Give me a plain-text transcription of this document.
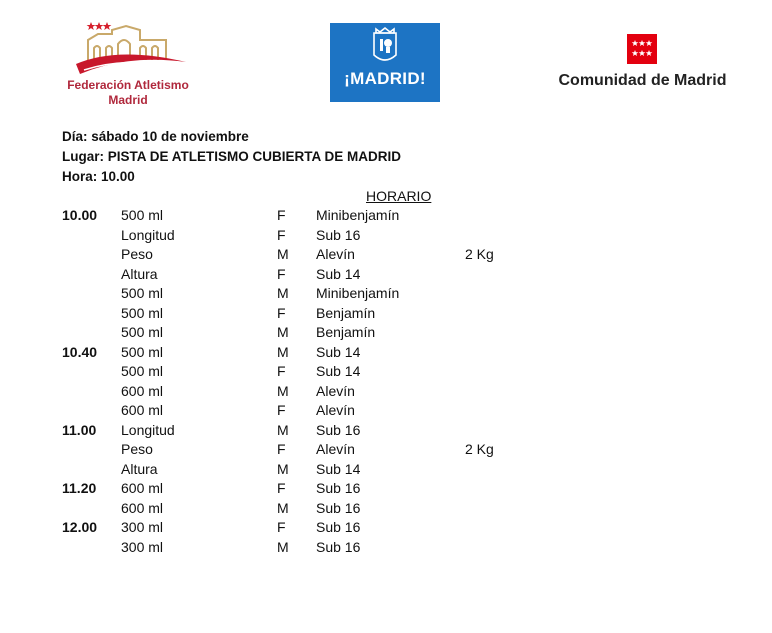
Federación Atletismo
Madrid
¡MADRID!	Comunidad de Madrid
Día: sábado 10 de noviembre
Lugar: PISTA DE ATLETISMO CUBIERTA DE MADRID
Hora: 10.00
HORARIO
10.00 500 ml	F Minibenjamín
Longitud	F Sub 16
Peso	M Alevín	2 Kg
Altura	F Sub 14
500 ml	M Minibenjamín
500 ml	F Benjamín
500 ml	M Benjamín
10.40 500 ml	M Sub 14
500 ml	F Sub 14
600 ml	M Alevín
600 ml	F Alevín
11.00 Longitud	M Sub 16
Peso	F Alevín	2 Kg
Altura	M Sub 14
11.20 600 ml	F Sub 16
600 ml	M Sub 16
12.00 300 ml	F Sub 16
300 ml	M Sub 16
